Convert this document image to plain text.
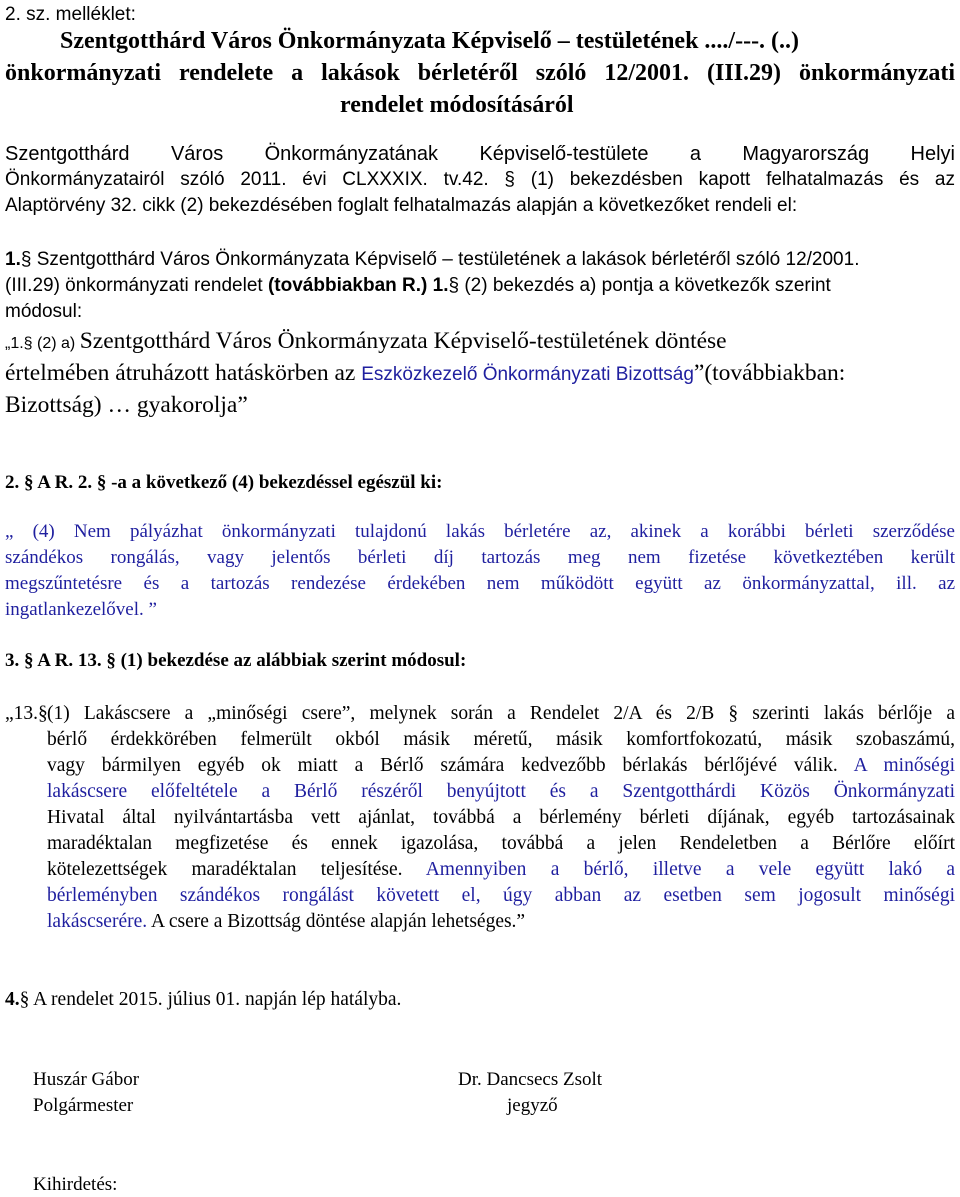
2. sz. melléklet:
Szentgotthárd Város Önkormányzata Képviselő – testületének ..../---. (..)
önkormányzati rendelete a lakások bérletéről szóló 12/2001. (III.29) önkormányzati
rendelet módosításáról
Szentgotthárd Város Önkormányzatának Képviselő-testülete a Magyarország Helyi
Önkormányzatairól szóló 2011. évi CLXXXIX. tv.42. § (1) bekezdésben kapott felhatalmazás és az
Alaptörvény 32. cikk (2) bekezdésében foglalt felhatalmazás alapján a következőket rendeli el:
1.§ Szentgotthárd Város Önkormányzata Képviselő – testületének a lakások bérletéről szóló 12/2001.
(III.29) önkormányzati rendelet (továbbiakban R.) 1.§ (2) bekezdés a) pontja a következők szerint
módosul:
„1.§ (2) a) Szentgotthárd Város Önkormányzata Képviselő-testületének döntése
értelmében átruházott hatáskörben az Eszközkezelő Önkormányzati Bizottság”(továbbiakban:
Bizottság) … gyakorolja”
2. § A R. 2. § -a a következő (4) bekezdéssel egészül ki:
„ (4) Nem pályázhat önkormányzati tulajdonú lakás bérletére az, akinek a korábbi bérleti szerződése
szándékos rongálás, vagy jelentős bérleti díj tartozás meg nem fizetése következtében került
megszűntetésre és a tartozás rendezése érdekében nem működött együtt az önkormányzattal, ill. az
ingatlankezelővel. ”
3. § A R. 13. § (1) bekezdése az alábbiak szerint módosul:
„13.§ (1) Lakáscsere a „minőségi csere”, melynek során a Rendelet 2/A és 2/B § szerinti lakás bérlője a
bérlő érdekkörében felmerült okból másik méretű, másik komfortfokozatú, másik szobaszámú,
vagy bármilyen egyéb ok miatt a Bérlő számára kedvezőbb bérlakás bérlőjévé válik. A minőségi
lakáscsere előfeltétele a Bérlő részéről benyújtott és a Szentgotthárdi Közös Önkormányzati
Hivatal által nyilvántartásba vett ajánlat, továbbá a bérlemény bérleti díjának, egyéb tartozásainak
maradéktalan megfizetése és ennek igazolása, továbbá a jelen Rendeletben a Bérlőre előírt
kötelezettségek maradéktalan teljesítése. Amennyiben a bérlő, illetve a vele együtt lakó a
bérleményben szándékos rongálást követett el, úgy abban az esetben sem jogosult minőségi
lakáscserére. A csere a Bizottság döntése alapján lehetséges.”
4.§ A rendelet 2015. július 01. napján lép hatályba.
Huszár Gábor
Polgármester
Dr. Dancsecs Zsolt
jegyző
Kihirdetés:
